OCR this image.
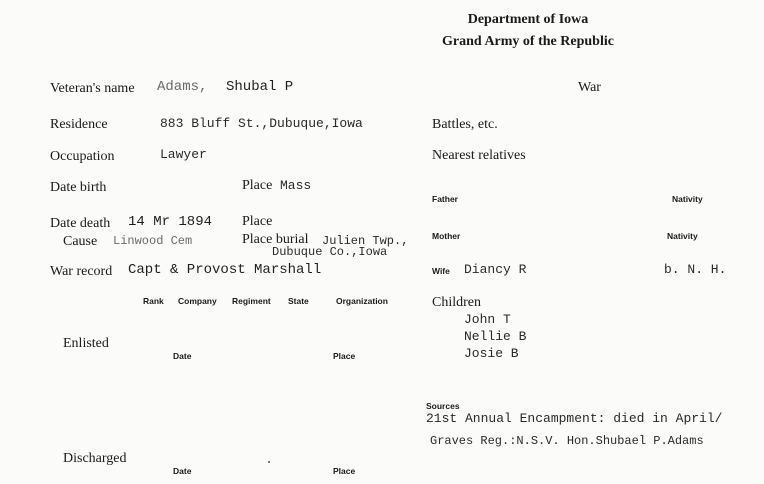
Department of Iowa
Grand Army of the Republic
Veteran's name Adams, Shubal P	War
Residence	883 Bluff St.,Dubuque,Iowa	Battles, etc.
Occupation	Lawyer	Nearest relatives
Date birth	Place Mass
Father	Nativity
Date death 14 Mr 1894 Place
Mother	Nativity
Cause Linwood Cem	Place burial Julien Twp.,
Dubuque Co.,Iowa
War record Capt & Provost Marshall	Wife Diancy R	b. N. H.
Rank Company Regiment State	Organization	Children
John T
Nellie B
Josie B
Enlisted
Date	Place
Sources
21st Annual Encampment: died in April/
Graves Reg.:N.S.V. Hon.Shubael P.Adams
Discharged
Date	Place
